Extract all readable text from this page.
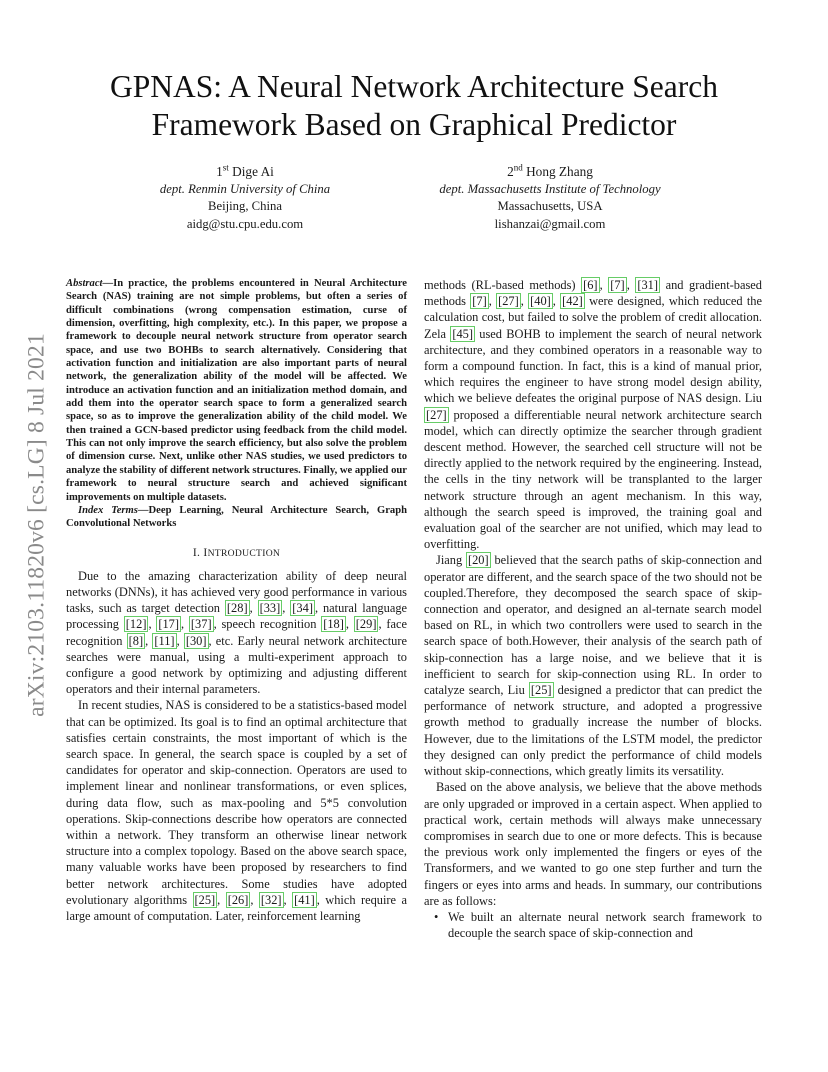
arXiv:2103.11820v6 [cs.LG] 8 Jul 2021
GPNAS: A Neural Network Architecture Search
Framework Based on Graphical Predictor
1st Dige Ai
dept. Renmin University of China
Beijing, China
aidg@stu.cpu.edu.com
2nd Hong Zhang
dept. Massachusetts Institute of Technology
Massachusetts, USA
lishanzai@gmail.com
Abstract—In practice, the problems encountered in Neural Architecture Search (NAS) training are not simple problems, but often a series of difficult combinations (wrong compensation estimation, curse of dimension, overfitting, high complexity, etc.). In this paper, we propose a framework to decouple neural network structure from operator search space, and use two BOHBs to search alternatively. Considering that activation function and initialization are also important parts of neural network, the generalization ability of the model will be affected. We introduce an activation function and an initialization method domain, and add them into the operator search space to form a generalized search space, so as to improve the generalization ability of the child model. We then trained a GCN-based predictor using feedback from the child model. This can not only improve the search efficiency, but also solve the problem of dimension curse. Next, unlike other NAS studies, we used predictors to analyze the stability of different network structures. Finally, we applied our framework to neural structure search and achieved significant improvements on multiple datasets.
Index Terms—Deep Learning, Neural Architecture Search, Graph Convolutional Networks
I. INTRODUCTION

Due to the amazing characterization ability of deep neural networks (DNNs), it has achieved very good performance in various tasks, such as target detection [28] , [33] , [34] , natural language processing [12] , [17] , [37] , speech recognition [18] , [29] , face recognition [8] , [11] , [30] , etc. Early neural network architecture searches were manual, using a multi-experiment approach to configure a good network by optimizing and adjusting different operators and their internal parameters.

In recent studies, NAS is considered to be a statistics-based model that can be optimized. Its goal is to find an optimal architecture that satisfies certain constraints, the most important of which is the search space. In general, the search space is coupled by a set of candidates for operator and skip-connection. Operators are used to implement linear and nonlinear transformations, or even splices, during data flow, such as max-pooling and 5*5 convolution operations. Skip-connections describe how operators are connected within a network. They transform an otherwise linear network structure into a complex topology. Based on the above search space, many valuable works have been proposed by researchers to find better network architectures. Some studies have adopted evolutionary algorithms [25] , [26] , [32] , [41] , which require a large amount of computation. Later, reinforcement learning

methods (RL-based methods) [6] , [7] , [31] and gradient-based methods [7] , [27] , [40] , [42] were designed, which reduced the calculation cost, but failed to solve the problem of credit allocation. Zela [45] used BOHB to implement the search of neural network architecture, and they combined operators in a reasonable way to form a compound function. In fact, this is a kind of manual prior, which requires the engineer to have strong model design ability, which we believe defeates the original purpose of NAS design. Liu [27] proposed a differentiable neural network architecture search model, which can directly optimize the searcher through gradient descent method. However, the searched cell structure will not be directly applied to the network required by the engineering. Instead, the cells in the tiny network will be transplanted to the larger network structure through an agent mechanism. In this way, although the search speed is improved, the training goal and evaluation goal of the searcher are not unified, which may lead to overfitting.

Jiang [20] believed that the search paths of skip-connection and operator are different, and the search space of the two should not be coupled.Therefore, they decomposed the search space of skip-connection and operator, and designed an al-ternate search model based on RL, in which two controllers were used to search in the search space of both.However, their analysis of the search path of skip-connection has a large noise, and we believe that it is inefficient to search for skip-connection using RL. In order to catalyze search, Liu [25] designed a predictor that can predict the performance of network structure, and adopted a progressive growth method to gradually increase the number of blocks. However, due to the limitations of the LSTM model, the predictor they designed can only predict the performance of child models without skip-connections, which greatly limits its versatility.

Based on the above analysis, we believe that the above methods are only upgraded or improved in a certain aspect. When applied to practical work, certain methods will always make unnecessary compromises in search due to one or more defects. This is because the previous work only implemented the fingers or eyes of the Transformers, and we wanted to go one step further and turn the fingers or eyes into arms and heads. In summary, our contributions are as follows:

• We built an alternate neural network search framework to decouple the search space of skip-connection and
